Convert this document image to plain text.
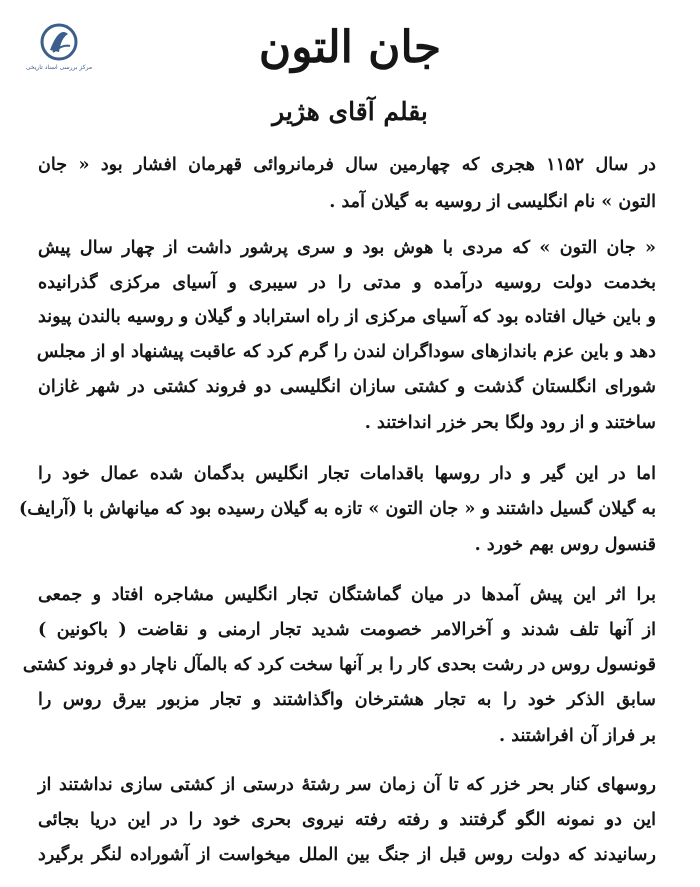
مرکز بررسی اسناد تاریخی	جان التون
بقلم آقای هژیر
در سال ۱۱۵۲ هجری که چهارمین سال فرمانروائی قهرمان افشار بود « جان
التون » نام انگلیسی از روسیه به گیلان آمد .
« جان التون » که مردی با هوش بود و سری پرشور داشت از چهار سال پیش
بخدمت دولت روسیه درآمده و مدتی را در سیبری و آسیای مرکزی گذرانیده
و باین خیال افتاده بود که آسیای مرکزی از راه استراباد و گیلان و روسیه بالندن پیوند
دهد و باین عزم باندازهای سوداگران لندن را گرم کرد که عاقبت پیشنهاد او از مجلس
شورای انگلستان گذشت و کشتی سازان انگلیسی دو فروند کشتی در شهر غازان
ساختند و از رود ولگا بحر خزر انداختند .
اما در این گیر و دار روسها باقدامات تجار انگلیس بدگمان شده عمال خود را
به گیلان گسیل داشتند و « جان التون » تازه به گیلان رسیده بود که میانهاش با (آرایف)
قنسول روس بهم خورد .
برا اثر این پیش آمدها در میان گماشتگان تجار انگلیس مشاجره افتاد و جمعی
از آنها تلف شدند و آخرالامر خصومت شدید تجار ارمنی و نقاضت ( باکونین )
قونسول روس در رشت بحدی کار را بر آنها سخت کرد که بالمآل ناچار دو فروند کشتی
سابق الذکر خود را به تجار هشترخان واگذاشتند و تجار مزبور بیرق روس را
بر فراز آن افراشتند .
روسهای کنار بحر خزر که تا آن زمان سر رشتهٔ درستی از کشتی سازی نداشتند از
این دو نمونه الگو گرفتند و رفته رفته نیروی بحری خود را در این دریا بجائی
رسانیدند که دولت روس قبل از جنگ بین الملل میخواست از آشوراده لنگر برگیرد
